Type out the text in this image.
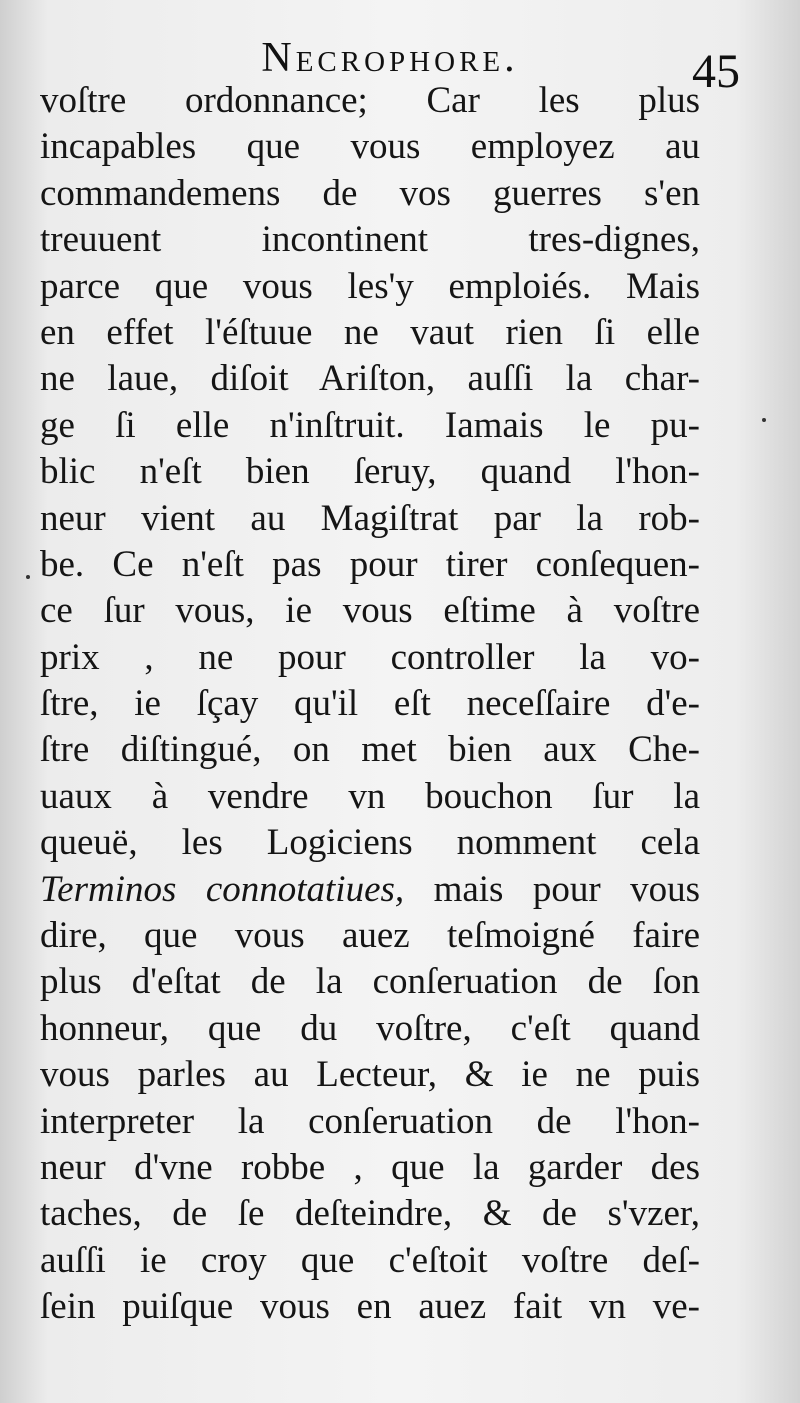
Necrophore.	45
voſtre ordonnance; Car les plus
incapables que vous employez au
commandemens de vos guerres s'en
treuuent incontinent tres-dignes,
parce que vous les'y emploiés. Mais
en effet l'éſtuue ne vaut rien ſi elle
ne laue, diſoit Ariſton, auſſi la char-
ge ſi elle n'inſtruit. Iamais le pu-
blic n'eſt bien ſeruy, quand l'hon-
neur vient au Magiſtrat par la rob-
be. Ce n'eſt pas pour tirer conſequen-
ce ſur vous, ie vous eſtime à voſtre
prix , ne pour controller la vo-
ſtre, ie ſçay qu'il eſt neceſſaire d'e-
ſtre diſtingué, on met bien aux Che-
uaux à vendre vn bouchon ſur la
queuë, les Logiciens nomment cela
Terminos connotatiues, mais pour vous
dire, que vous auez teſmoigné faire
plus d'eſtat de la conſeruation de ſon
honneur, que du voſtre, c'eſt quand
vous parles au Lecteur, & ie ne puis
interpreter la conſeruation de l'hon-
neur d'vne robbe , que la garder des
taches, de ſe deſteindre, & de s'vzer,
auſſi ie croy que c'eſtoit voſtre deſ-
ſein puiſque vous en auez fait vn ve-
